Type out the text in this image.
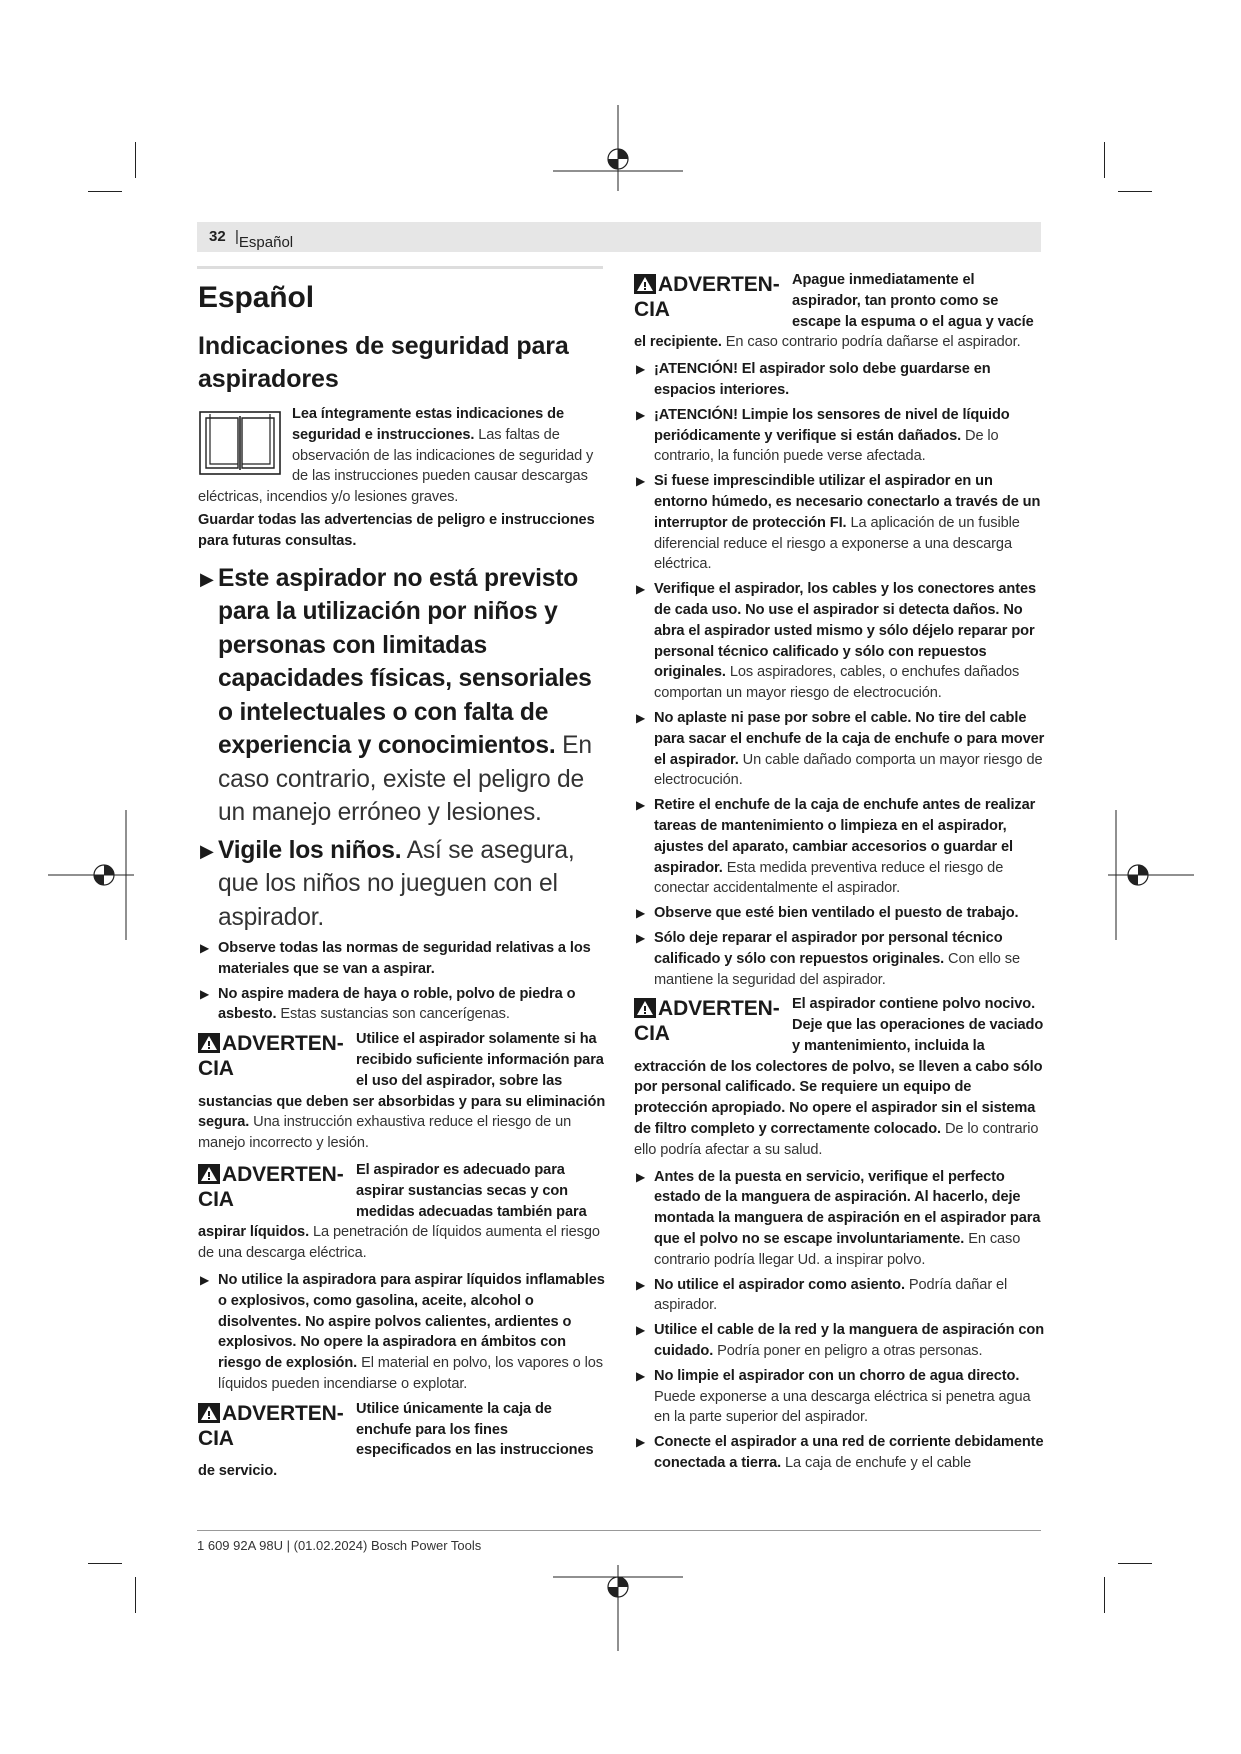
32 | Español
Español
Indicaciones de seguridad para aspiradores

Lea íntegramente estas indicaciones de seguridad e instrucciones. Las faltas de observación de las indicaciones de seguridad y de las instrucciones pueden causar descargas eléctricas, incendios y/o lesiones graves.

Guardar todas las advertencias de peligro e instrucciones para futuras consultas.

▶ Este aspirador no está previsto para la utilización por niños y personas con limitadas capacidades físicas, sensoriales o intelectuales o con falta de experiencia y conocimientos. En caso contrario, existe el peligro de un manejo erróneo y lesiones.
▶ Vigile los niños. Así se asegura, que los niños no jueguen con el aspirador.
▶ Observe todas las normas de seguridad relativas a los materiales que se van a aspirar.
▶ No aspire madera de haya o roble, polvo de piedra o asbesto. Estas sustancias son cancerígenas.
ADVERTEN- CIA

Utilice el aspirador solamente si ha recibido suficiente información para el uso del aspirador, sobre las sustancias que deben ser absorbidas y para su eliminación segura. Una instrucción exhaustiva reduce el riesgo de un manejo incorrecto y lesión.

ADVERTEN- CIA

El aspirador es adecuado para aspirar sustancias secas y con medidas adecuadas también para aspirar líquidos. La penetración de líquidos aumenta el riesgo de una descarga eléctrica.

▶ No utilice la aspiradora para aspirar líquidos inflamables o explosivos, como gasolina, aceite, alcohol o disolventes. No aspire polvos calientes, ardientes o explosivos. No opere la aspiradora en ámbitos con riesgo de explosión. El material en polvo, los vapores o los líquidos pueden incendiarse o explotar.
ADVERTEN- CIA

Utilice únicamente la caja de enchufe para los fines especificados en las instrucciones de servicio.

ADVERTEN- CIA

Apague inmediatamente el aspirador, tan pronto como se escape la espuma o el agua y vacíe el recipiente. En caso contrario podría dañarse el aspirador.

▶ ¡ATENCIÓN! El aspirador solo debe guardarse en espacios interiores.
▶ ¡ATENCIÓN! Limpie los sensores de nivel de líquido periódicamente y verifique si están dañados. De lo contrario, la función puede verse afectada.
▶ Si fuese imprescindible utilizar el aspirador en un entorno húmedo, es necesario conectarlo a través de un interruptor de protección FI. La aplicación de un fusible diferencial reduce el riesgo a exponerse a una descarga eléctrica.
▶ Verifique el aspirador, los cables y los conectores antes de cada uso. No use el aspirador si detecta daños. No abra el aspirador usted mismo y sólo déjelo reparar por personal técnico calificado y sólo con repuestos originales. Los aspiradores, cables, o enchufes dañados comportan un mayor riesgo de electrocución.
▶ No aplaste ni pase por sobre el cable. No tire del cable para sacar el enchufe de la caja de enchufe o para mover el aspirador. Un cable dañado comporta un mayor riesgo de electrocución.
▶ Retire el enchufe de la caja de enchufe antes de realizar tareas de mantenimiento o limpieza en el aspirador, ajustes del aparato, cambiar accesorios o guardar el aspirador. Esta medida preventiva reduce el riesgo de conectar accidentalmente el aspirador.
▶ Observe que esté bien ventilado el puesto de trabajo.
▶ Sólo deje reparar el aspirador por personal técnico calificado y sólo con repuestos originales. Con ello se mantiene la seguridad del aspirador.
ADVERTEN- CIA

El aspirador contiene polvo nocivo. Deje que las operaciones de vaciado y mantenimiento, incluida la extracción de los colectores de polvo, se lleven a cabo sólo por personal calificado. Se requiere un equipo de protección apropiado. No opere el aspirador sin el sistema de filtro completo y correctamente colocado. De lo contrario ello podría afectar a su salud.

▶ Antes de la puesta en servicio, verifique el perfecto estado de la manguera de aspiración. Al hacerlo, deje montada la manguera de aspiración en el aspirador para que el polvo no se escape involuntariamente. En caso contrario podría llegar Ud. a inspirar polvo.
▶ No utilice el aspirador como asiento. Podría dañar el aspirador.
▶ Utilice el cable de la red y la manguera de aspiración con cuidado. Podría poner en peligro a otras personas.
▶ No limpie el aspirador con un chorro de agua directo. Puede exponerse a una descarga eléctrica si penetra agua en la parte superior del aspirador.
▶ Conecte el aspirador a una red de corriente debidamente conectada a tierra. La caja de enchufe y el cable
1 609 92A 98U | (01.02.2024) Bosch Power Tools
